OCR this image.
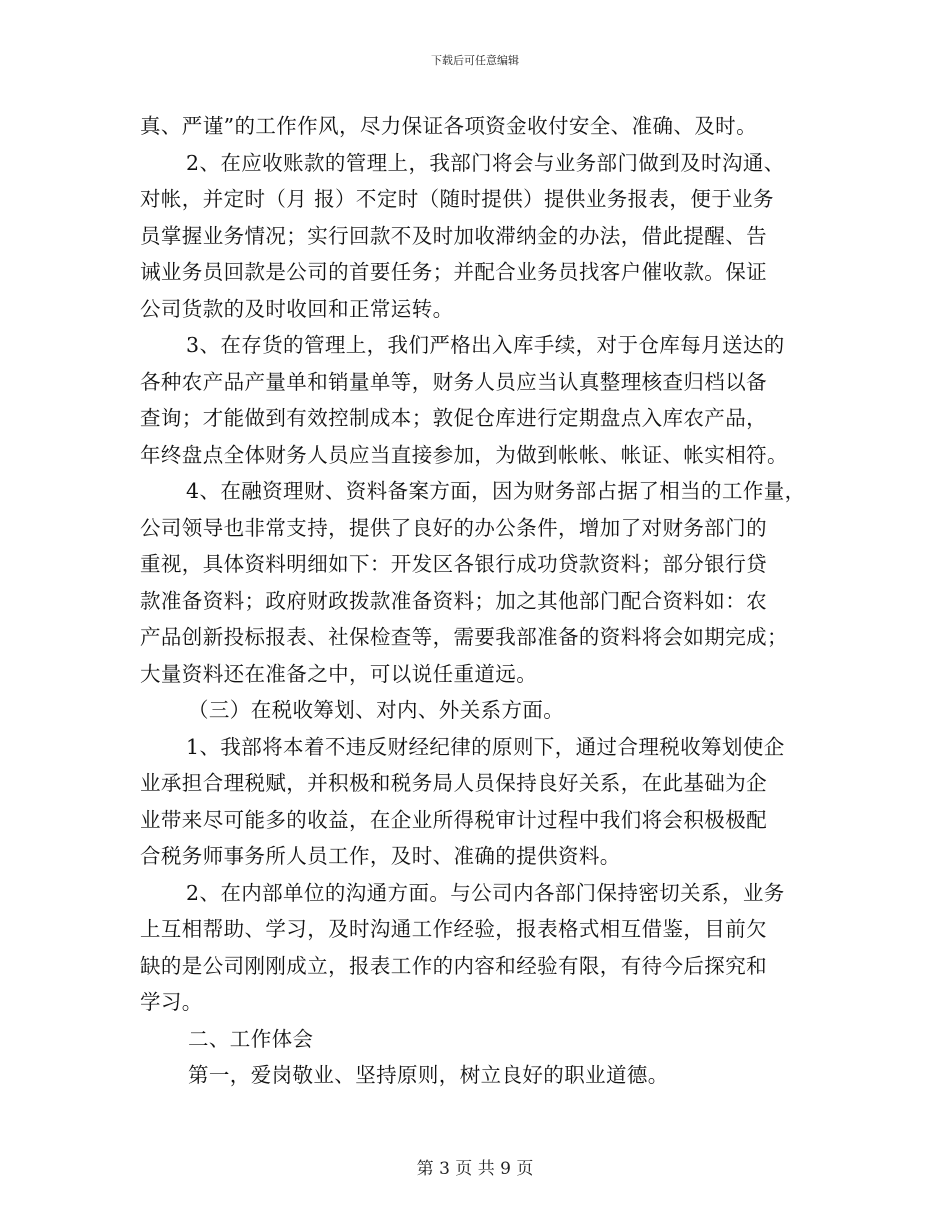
下载后可任意编辑
真、严谨”的工作作风，尽力保证各项资金收付安全、准确、及时。
2、在应收账款的管理上，我部门将会与业务部门做到及时沟通、
对帐，并定时（月 报）不定时（随时提供）提供业务报表，便于业务
员掌握业务情况；实行回款不及时加收滞纳金的办法，借此提醒、告
诫业务员回款是公司的首要任务；并配合业务员找客户催收款。保证
公司货款的及时收回和正常运转。
3、在存货的管理上，我们严格出入库手续，对于仓库每月送达的
各种农产品产量单和销量单等，财务人员应当认真整理核查归档以备
查询；才能做到有效控制成本；敦促仓库进行定期盘点入库农产品，
年终盘点全体财务人员应当直接参加，为做到帐帐、帐证、帐实相符。
4、在融资理财、资料备案方面，因为财务部占据了相当的工作量，
公司领导也非常支持，提供了良好的办公条件，增加了对财务部门的
重视，具体资料明细如下：开发区各银行成功贷款资料；部分银行贷
款准备资料；政府财政拨款准备资料；加之其他部门配合资料如：农
产品创新投标报表、社保检查等，需要我部准备的资料将会如期完成；
大量资料还在准备之中，可以说任重道远。
（三）在税收筹划、对内、外关系方面。
1、我部将本着不违反财经纪律的原则下，通过合理税收筹划使企
业承担合理税赋，并积极和税务局人员保持良好关系，在此基础为企
业带来尽可能多的收益，在企业所得税审计过程中我们将会积极极配
合税务师事务所人员工作，及时、准确的提供资料。
2、在内部单位的沟通方面。与公司内各部门保持密切关系，业务
上互相帮助、学习，及时沟通工作经验，报表格式相互借鉴，目前欠
缺的是公司刚刚成立，报表工作的内容和经验有限，有待今后探究和
学习。
二、工作体会
第一，爱岗敬业、坚持原则，树立良好的职业道德。
第 3 页 共 9 页
